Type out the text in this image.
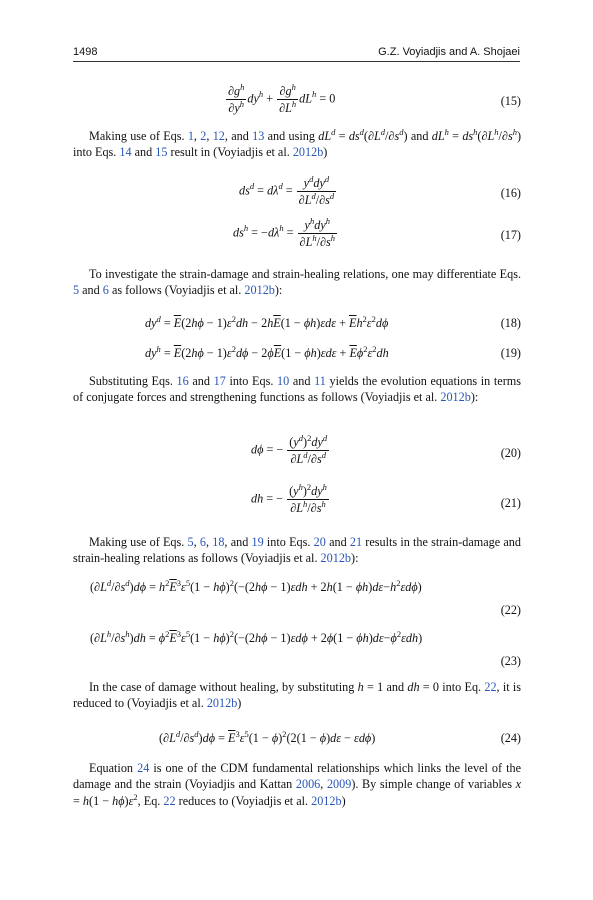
1498	G.Z. Voyiadjis and A. Shojaei
$\frac{\partial g^h}{\partial y^h} dy^h + \frac{\partial g^h}{\partial L^h} dL^h = 0$	(15)
Making use of Eqs. 1, 2, 12, and 13 and using $dL^d = ds^d(\partial L^d/\partial s^d)$ and $dL^h = ds^h(\partial L^h/\partial s^h)$ into Eqs. 14 and 15 result in (Voyiadjis et al. 2012b)
$ds^d = d\lambda^d = \frac{y^ddy^d}{\partial L^d/\partial s^d}$	(16)
$ds^h = -d\lambda^h = \frac{y^hdy^h}{\partial L^h/\partial s^h}$	(17)
To investigate the strain-damage and strain-healing relations, one may differentiate Eqs. 5 and 6 as follows (Voyiadjis et al. 2012b):
$dy^d = \overline{E}(2h\phi - 1)\varepsilon^2dh - 2h\overline{E}(1 - \phi h)\varepsilon d\varepsilon + \overline{E}h^2\varepsilon^2d\phi$	(18)
$dy^h = \overline{E}(2h\phi - 1)\varepsilon^2d\phi - 2\phi\overline{E}(1 - \phi h)\varepsilon d\varepsilon + \overline{E}\phi^2\varepsilon^2dh$	(19)
Substituting Eqs. 16 and 17 into Eqs. 10 and 11 yields the evolution equations in terms of conjugate forces and strengthening functions as follows (Voyiadjis et al. 2012b):
dϕ = − $\frac{(y^d)^2dy^d}{\partial L^d/\partial s^d}$	(20)
dh = − $\frac{(y^h)^2dy^h}{\partial L^h/\partial s^h}$	(21)
Making use of Eqs. 5, 6, 18, and 19 into Eqs. 20 and 21 results in the strain-damage and strain-healing relations as follows (Voyiadjis et al. 2012b):
$(\partial L^d/\partial s^d)d\phi = h^2\overline{E}^3\varepsilon^5(1 - h\phi)^2(-(2h\phi - 1)\varepsilon dh + 2h(1 - \phi h)d\varepsilon-h^2\varepsilon d\phi)$
(22)
$(\partial L^h/\partial s^h)dh = \phi^2\overline{E}^3\varepsilon^5(1 - h\phi)^2(-(2h\phi - 1)\varepsilon d\phi + 2\phi(1 - \phi h)d\varepsilon-\phi^2\varepsilon dh)$
(23)
In the case of damage without healing, by substituting h = 1 and dh = 0 into Eq. 22, it is reduced to (Voyiadjis et al. 2012b)
$(\partial L^d/\partial s^d)d\phi = \overline{E}^3\varepsilon^5(1 - \phi)^2(2(1 - \phi)d\varepsilon - \varepsilon d\phi)$	(24)
Equation 24 is one of the CDM fundamental relationships which links the level of the damage and the strain (Voyiadjis and Kattan 2006, 2009). By simple change of variables $x = h(1 - h\phi)\varepsilon^2$, Eq. 22 reduces to (Voyiadjis et al. 2012b)
